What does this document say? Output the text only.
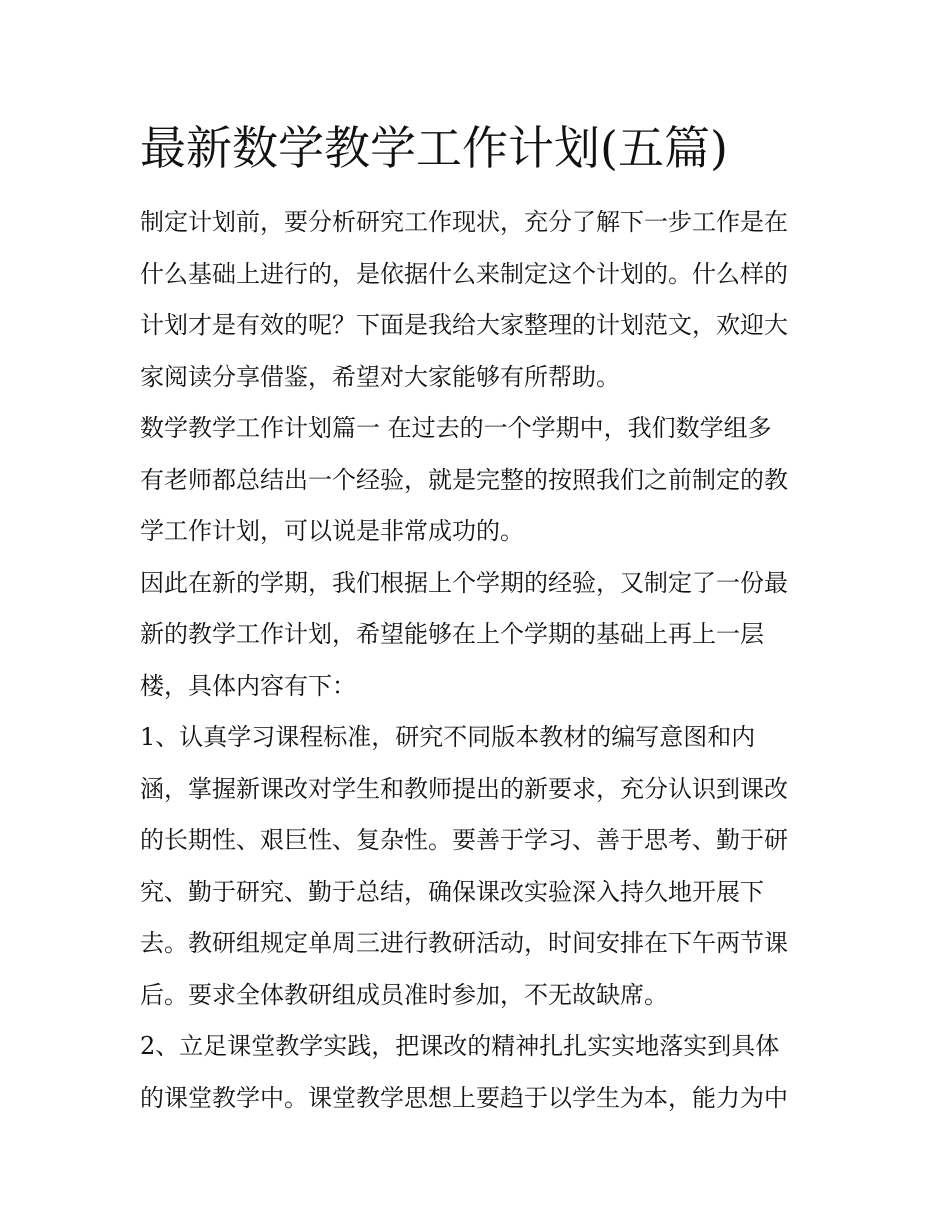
最新数学教学工作计划(五篇)
制定计划前，要分析研究工作现状，充分了解下一步工作是在
什么基础上进行的，是依据什么来制定这个计划的。什么样的
计划才是有效的呢？下面是我给大家整理的计划范文，欢迎大
家阅读分享借鉴，希望对大家能够有所帮助。
数学教学工作计划篇一 在过去的一个学期中，我们数学组多
有老师都总结出一个经验，就是完整的按照我们之前制定的教
学工作计划，可以说是非常成功的。
因此在新的学期，我们根据上个学期的经验，又制定了一份最
新的教学工作计划，希望能够在上个学期的基础上再上一层
楼，具体内容有下：
1、认真学习课程标准，研究不同版本教材的编写意图和内
涵，掌握新课改对学生和教师提出的新要求，充分认识到课改
的长期性、艰巨性、复杂性。要善于学习、善于思考、勤于研
究、勤于研究、勤于总结，确保课改实验深入持久地开展下
去。教研组规定单周三进行教研活动，时间安排在下午两节课
后。要求全体教研组成员准时参加，不无故缺席。
2、立足课堂教学实践，把课改的精神扎扎实实地落实到具体
的课堂教学中。课堂教学思想上要趋于以学生为本，能力为中
